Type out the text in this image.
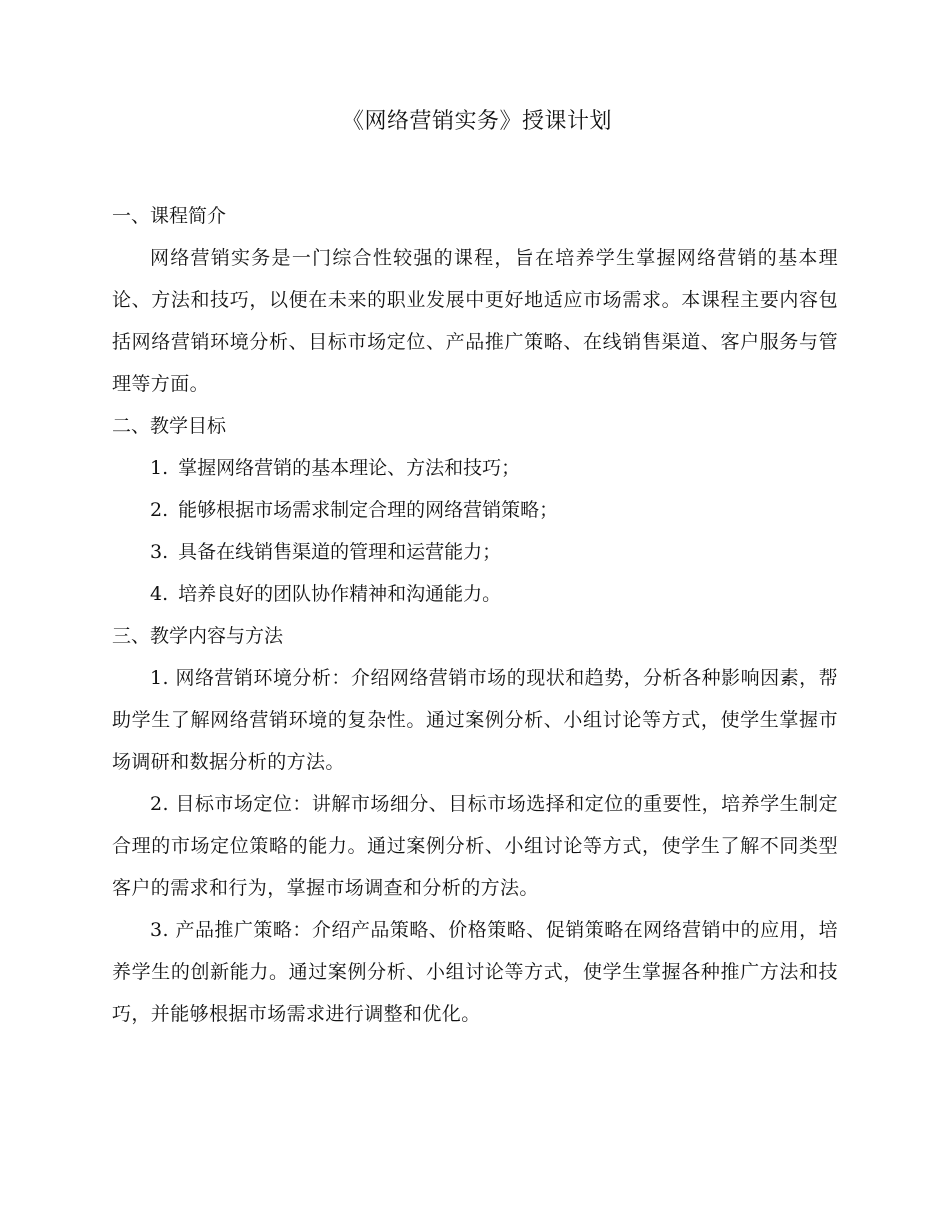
《网络营销实务》授课计划

一、课程简介

网络营销实务是一门综合性较强的课程，旨在培养学生掌握网络营销的基本理论、方法和技巧，以便在未来的职业发展中更好地适应市场需求。本课程主要内容包括网络营销环境分析、目标市场定位、产品推广策略、在线销售渠道、客户服务与管理等方面。

二、教学目标

1. 掌握网络营销的基本理论、方法和技巧；
2. 能够根据市场需求制定合理的网络营销策略；
3. 具备在线销售渠道的管理和运营能力；
4. 培养良好的团队协作精神和沟通能力。

三、教学内容与方法

1. 网络营销环境分析：介绍网络营销市场的现状和趋势，分析各种影响因素，帮助学生了解网络营销环境的复杂性。通过案例分析、小组讨论等方式，使学生掌握市场调研和数据分析的方法。

2. 目标市场定位：讲解市场细分、目标市场选择和定位的重要性，培养学生制定合理的市场定位策略的能力。通过案例分析、小组讨论等方式，使学生了解不同类型客户的需求和行为，掌握市场调查和分析的方法。

3. 产品推广策略：介绍产品策略、价格策略、促销策略在网络营销中的应用，培养学生的创新能力。通过案例分析、小组讨论等方式，使学生掌握各种推广方法和技巧，并能够根据市场需求进行调整和优化。
